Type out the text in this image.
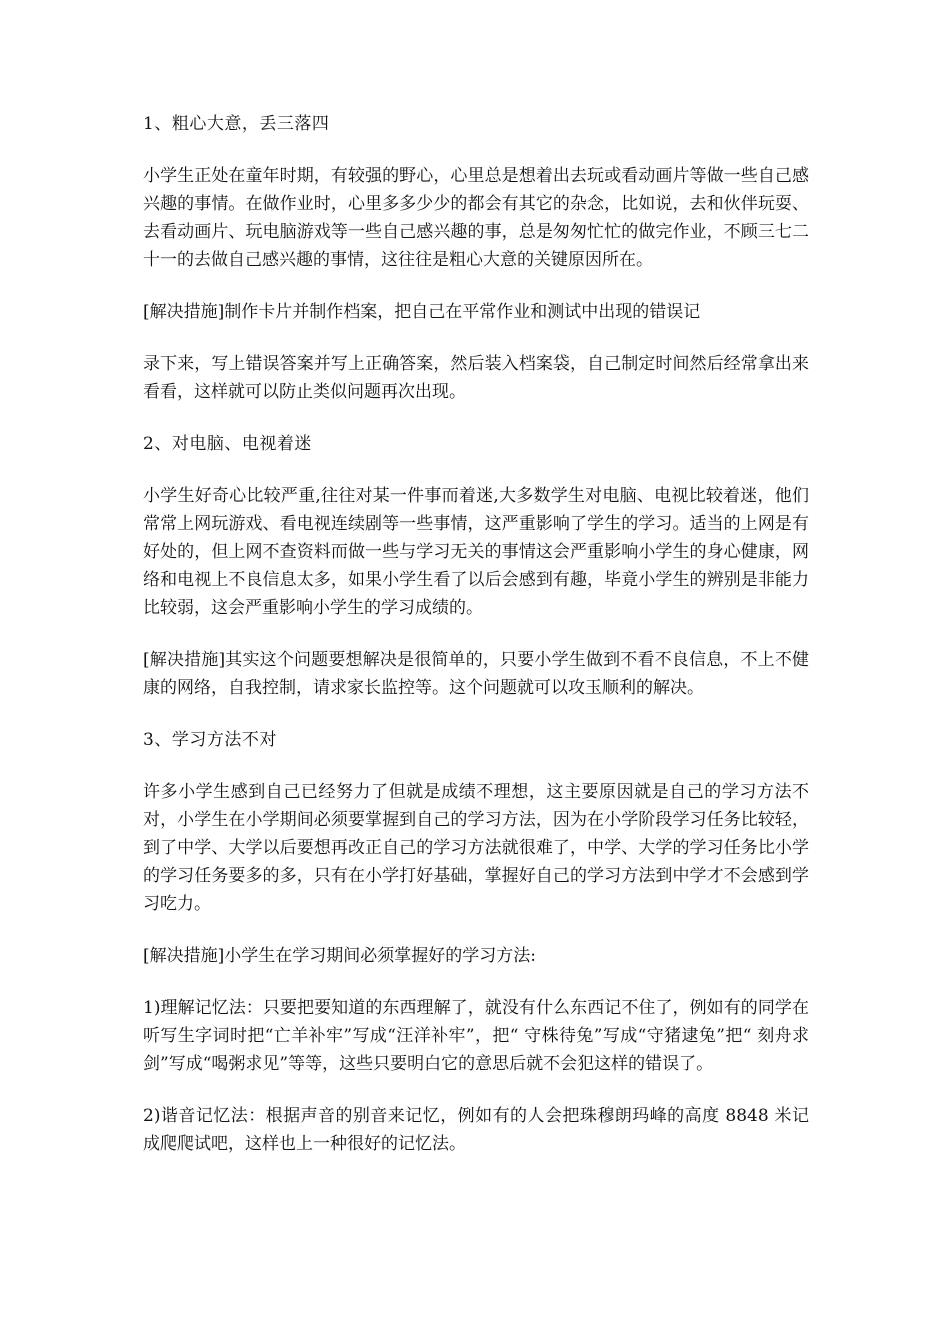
1、粗心大意，丢三落四

小学生正处在童年时期，有较强的野心，心里总是想着出去玩或看动画片等做一些自己感兴趣的事情。在做作业时，心里多多少少的都会有其它的杂念，比如说，去和伙伴玩耍、去看动画片、玩电脑游戏等一些自己感兴趣的事，总是匆匆忙忙的做完作业，不顾三七二十一的去做自己感兴趣的事情，这往往是粗心大意的关键原因所在。

[解决措施]制作卡片并制作档案，把自己在平常作业和测试中出现的错误记

录下来，写上错误答案并写上正确答案，然后装入档案袋，自己制定时间然后经常拿出来看看，这样就可以防止类似问题再次出现。

2、对电脑、电视着迷

小学生好奇心比较严重,往往对某一件事而着迷,大多数学生对电脑、电视比较着迷，他们常常上网玩游戏、看电视连续剧等一些事情，这严重影响了学生的学习。适当的上网是有好处的，但上网不查资料而做一些与学习无关的事情这会严重影响小学生的身心健康，网络和电视上不良信息太多，如果小学生看了以后会感到有趣，毕竟小学生的辨别是非能力比较弱，这会严重影响小学生的学习成绩的。

[解决措施]其实这个问题要想解决是很简单的，只要小学生做到不看不良信息，不上不健康的网络，自我控制，请求家长监控等。这个问题就可以攻玉顺利的解决。

3、学习方法不对

许多小学生感到自己已经努力了但就是成绩不理想，这主要原因就是自己的学习方法不对，小学生在小学期间必须要掌握到自己的学习方法，因为在小学阶段学习任务比较轻，到了中学、大学以后要想再改正自己的学习方法就很难了，中学、大学的学习任务比小学的学习任务要多的多，只有在小学打好基础，掌握好自己的学习方法到中学才不会感到学习吃力。

[解决措施]小学生在学习期间必须掌握好的学习方法:

1)理解记忆法：只要把要知道的东西理解了，就没有什么东西记不住了，例如有的同学在听写生字词时把“亡羊补牢”写成“汪洋补牢”，把“ 守株待兔”写成“守猪逮兔”把“ 刻舟求剑”写成“喝粥求见”等等，这些只要明白它的意思后就不会犯这样的错误了。

2)谐音记忆法：根据声音的别音来记忆，例如有的人会把珠穆朗玛峰的高度 8848 米记成爬爬试吧，这样也上一种很好的记忆法。
